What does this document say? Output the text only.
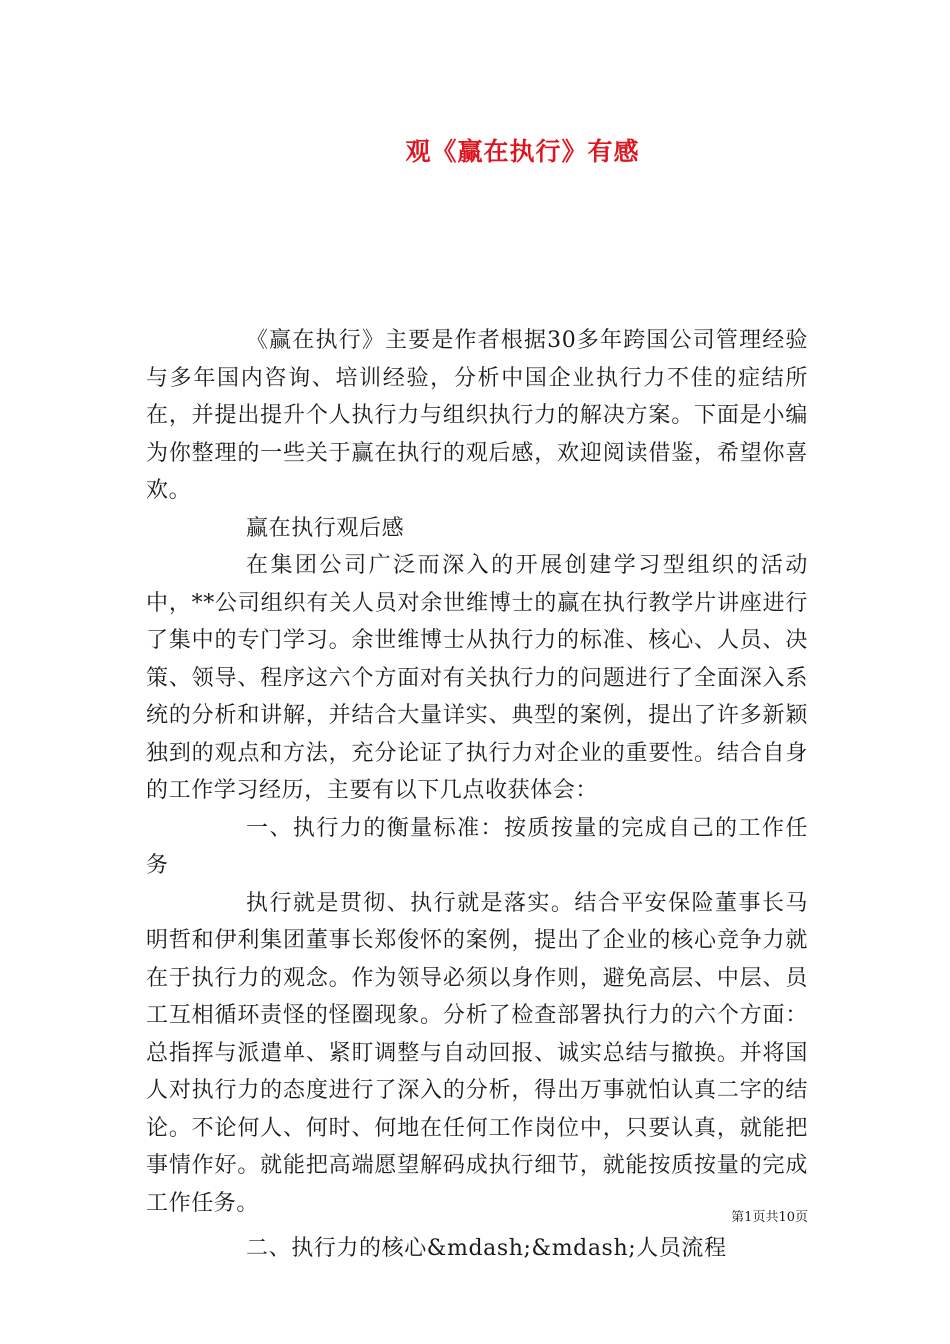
观《赢在执行》有感

《赢在执行》主要是作者根据30多年跨国公司管理经验与多年国内咨询、培训经验，分析中国企业执行力不佳的症结所在，并提出提升个人执行力与组织执行力的解决方案。下面是小编为你整理的一些关于赢在执行的观后感，欢迎阅读借鉴，希望你喜欢。

赢在执行观后感

在集团公司广泛而深入的开展创建学习型组织的活动中，**公司组织有关人员对余世维博士的赢在执行教学片讲座进行了集中的专门学习。余世维博士从执行力的标准、核心、人员、决策、领导、程序这六个方面对有关执行力的问题进行了全面深入系统的分析和讲解，并结合大量详实、典型的案例，提出了许多新颖独到的观点和方法，充分论证了执行力对企业的重要性。结合自身的工作学习经历，主要有以下几点收获体会：

一、执行力的衡量标准：按质按量的完成自己的工作任务

执行就是贯彻、执行就是落实。结合平安保险董事长马明哲和伊利集团董事长郑俊怀的案例，提出了企业的核心竞争力就在于执行力的观念。作为领导必须以身作则，避免高层、中层、员工互相循环责怪的怪圈现象。分析了检查部署执行力的六个方面：总指挥与派遣单、紧盯调整与自动回报、诚实总结与撤换。并将国人对执行力的态度进行了深入的分析，得出万事就怕认真二字的结论。不论何人、何时、何地在任何工作岗位中，只要认真，就能把事情作好。就能把高端愿望解码成执行细节，就能按质按量的完成工作任务。

二、执行力的核心&mdash;&mdash;人员流程

第1页共10页
